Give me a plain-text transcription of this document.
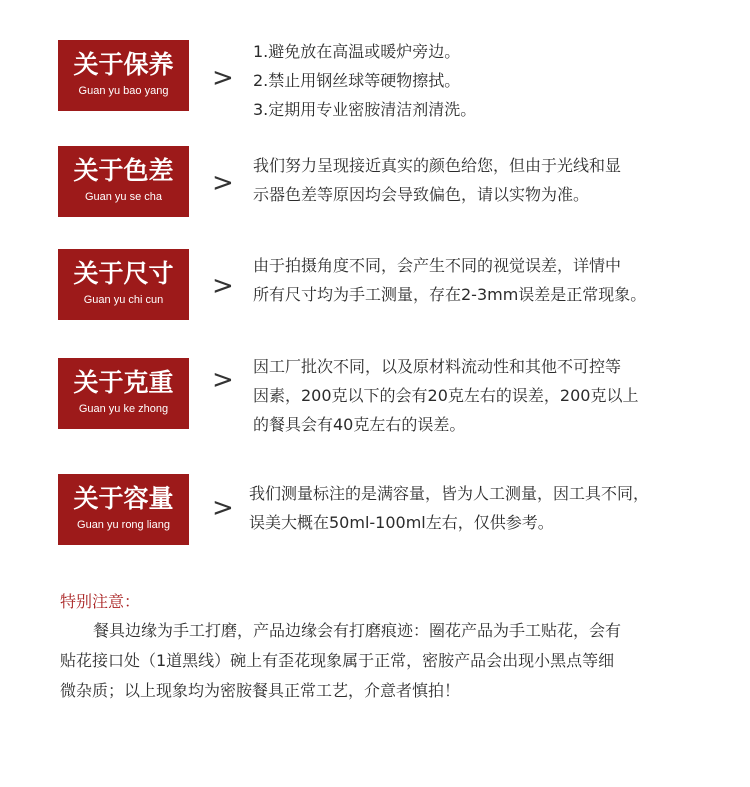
关于保养
Guan yu bao yang	>
1.避免放在高温或暖炉旁边。
2.禁止用钢丝球等硬物擦拭。
3.定期用专业密胺清洁剂清洗。
关于色差
Guan yu se cha	>
我们努力呈现接近真实的颜色给您，但由于光线和显
示器色差等原因均会导致偏色，请以实物为准。
关于尺寸
Guan yu chi cun	>
由于拍摄角度不同，会产生不同的视觉误差，详情中
所有尺寸均为手工测量，存在2-3mm误差是正常现象。
关于克重
Guan yu ke zhong
> 因工厂批次不同，以及原材料流动性和其他不可控等
因素，200克以下的会有20克左右的误差，200克以上
的餐具会有40克左右的误差。
关于容量
Guan yu rong liang
> 我们测量标注的是满容量，皆为人工测量，因工具不同，
误美大概在50ml-100ml左右，仅供参考。
特别注意：
餐具边缘为手工打磨，产品边缘会有打磨痕迹：圈花产品为手工贴花，会有
贴花接口处（1道黑线）碗上有歪花现象属于正常，密胺产品会出现小黑点等细
微杂质；以上现象均为密胺餐具正常工艺，介意者慎拍！
